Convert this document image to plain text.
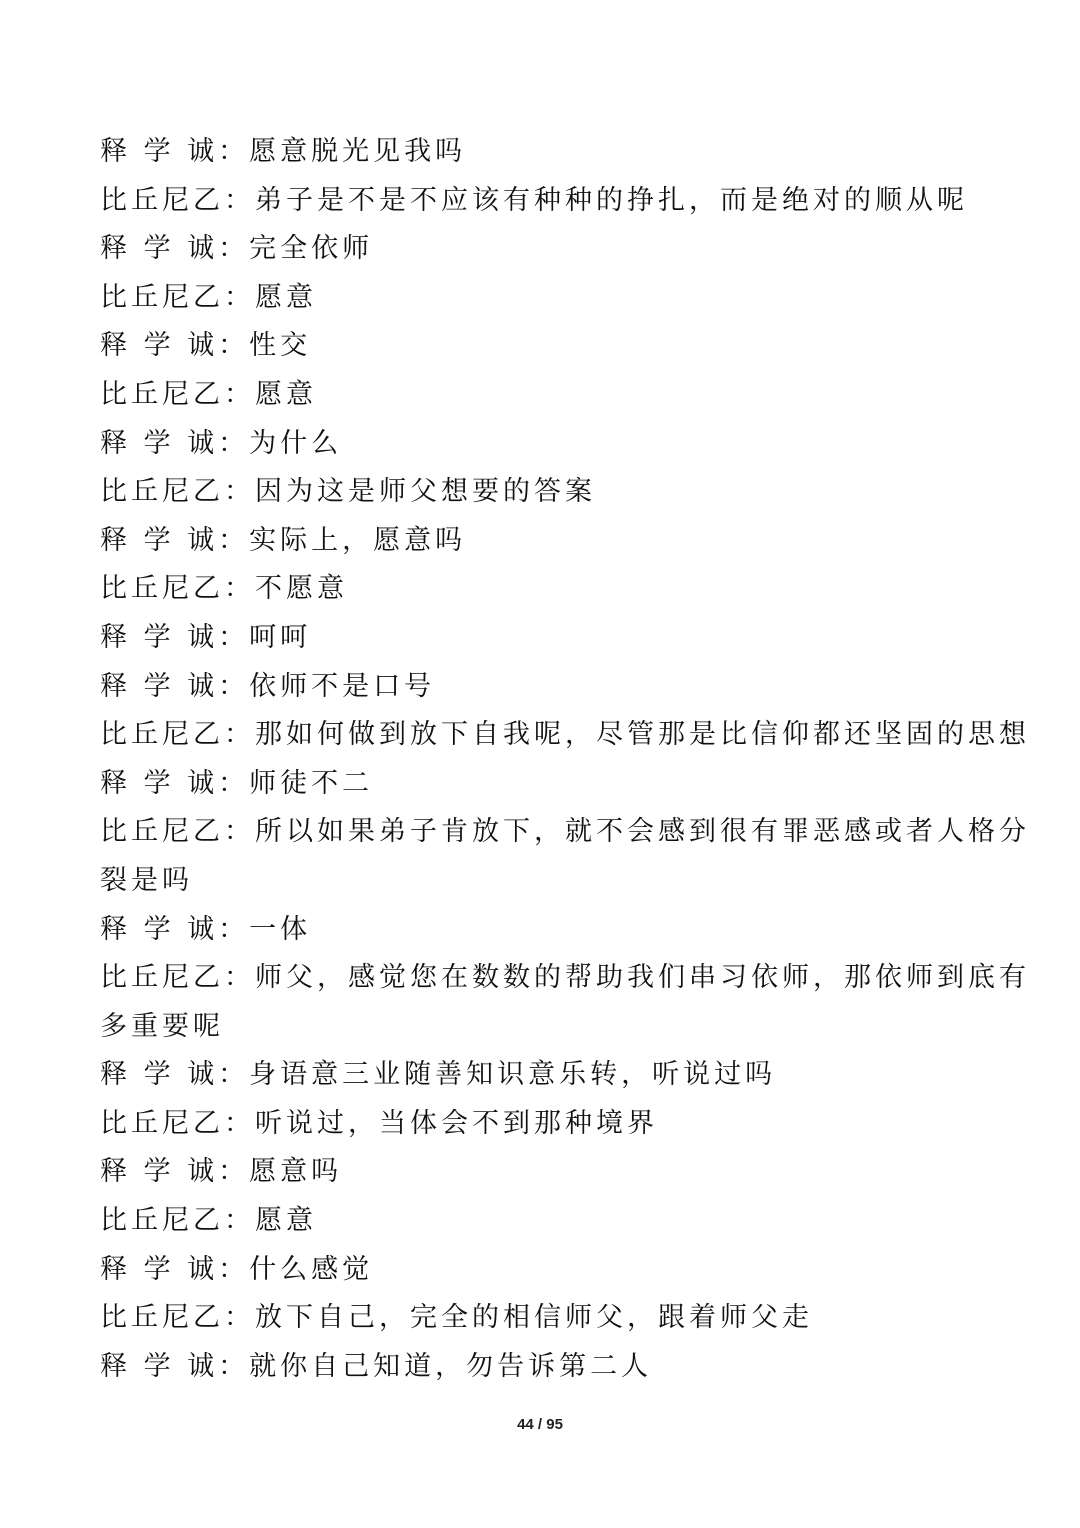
释 学 诚： 愿意脱光见我吗
比丘尼乙： 弟子是不是不应该有种种的挣扎，而是绝对的顺从呢
释 学 诚： 完全依师
比丘尼乙： 愿意
释 学 诚： 性交
比丘尼乙： 愿意
释 学 诚： 为什么
比丘尼乙： 因为这是师父想要的答案
释 学 诚： 实际上，愿意吗
比丘尼乙： 不愿意
释 学 诚： 呵呵
释 学 诚： 依师不是口号
比丘尼乙： 那如何做到放下自我呢，尽管那是比信仰都还坚固的思想
释 学 诚： 师徒不二
比丘尼乙： 所以如果弟子肯放下，就不会感到很有罪恶感或者人格分
裂是吗
释 学 诚： 一体
比丘尼乙： 师父，感觉您在数数的帮助我们串习依师，那依师到底有
多重要呢
释 学 诚： 身语意三业随善知识意乐转，听说过吗
比丘尼乙： 听说过，当体会不到那种境界
释 学 诚： 愿意吗
比丘尼乙： 愿意
释 学 诚： 什么感觉
比丘尼乙： 放下自己，完全的相信师父，跟着师父走
释 学 诚： 就你自己知道，勿告诉第二人
44 / 95
